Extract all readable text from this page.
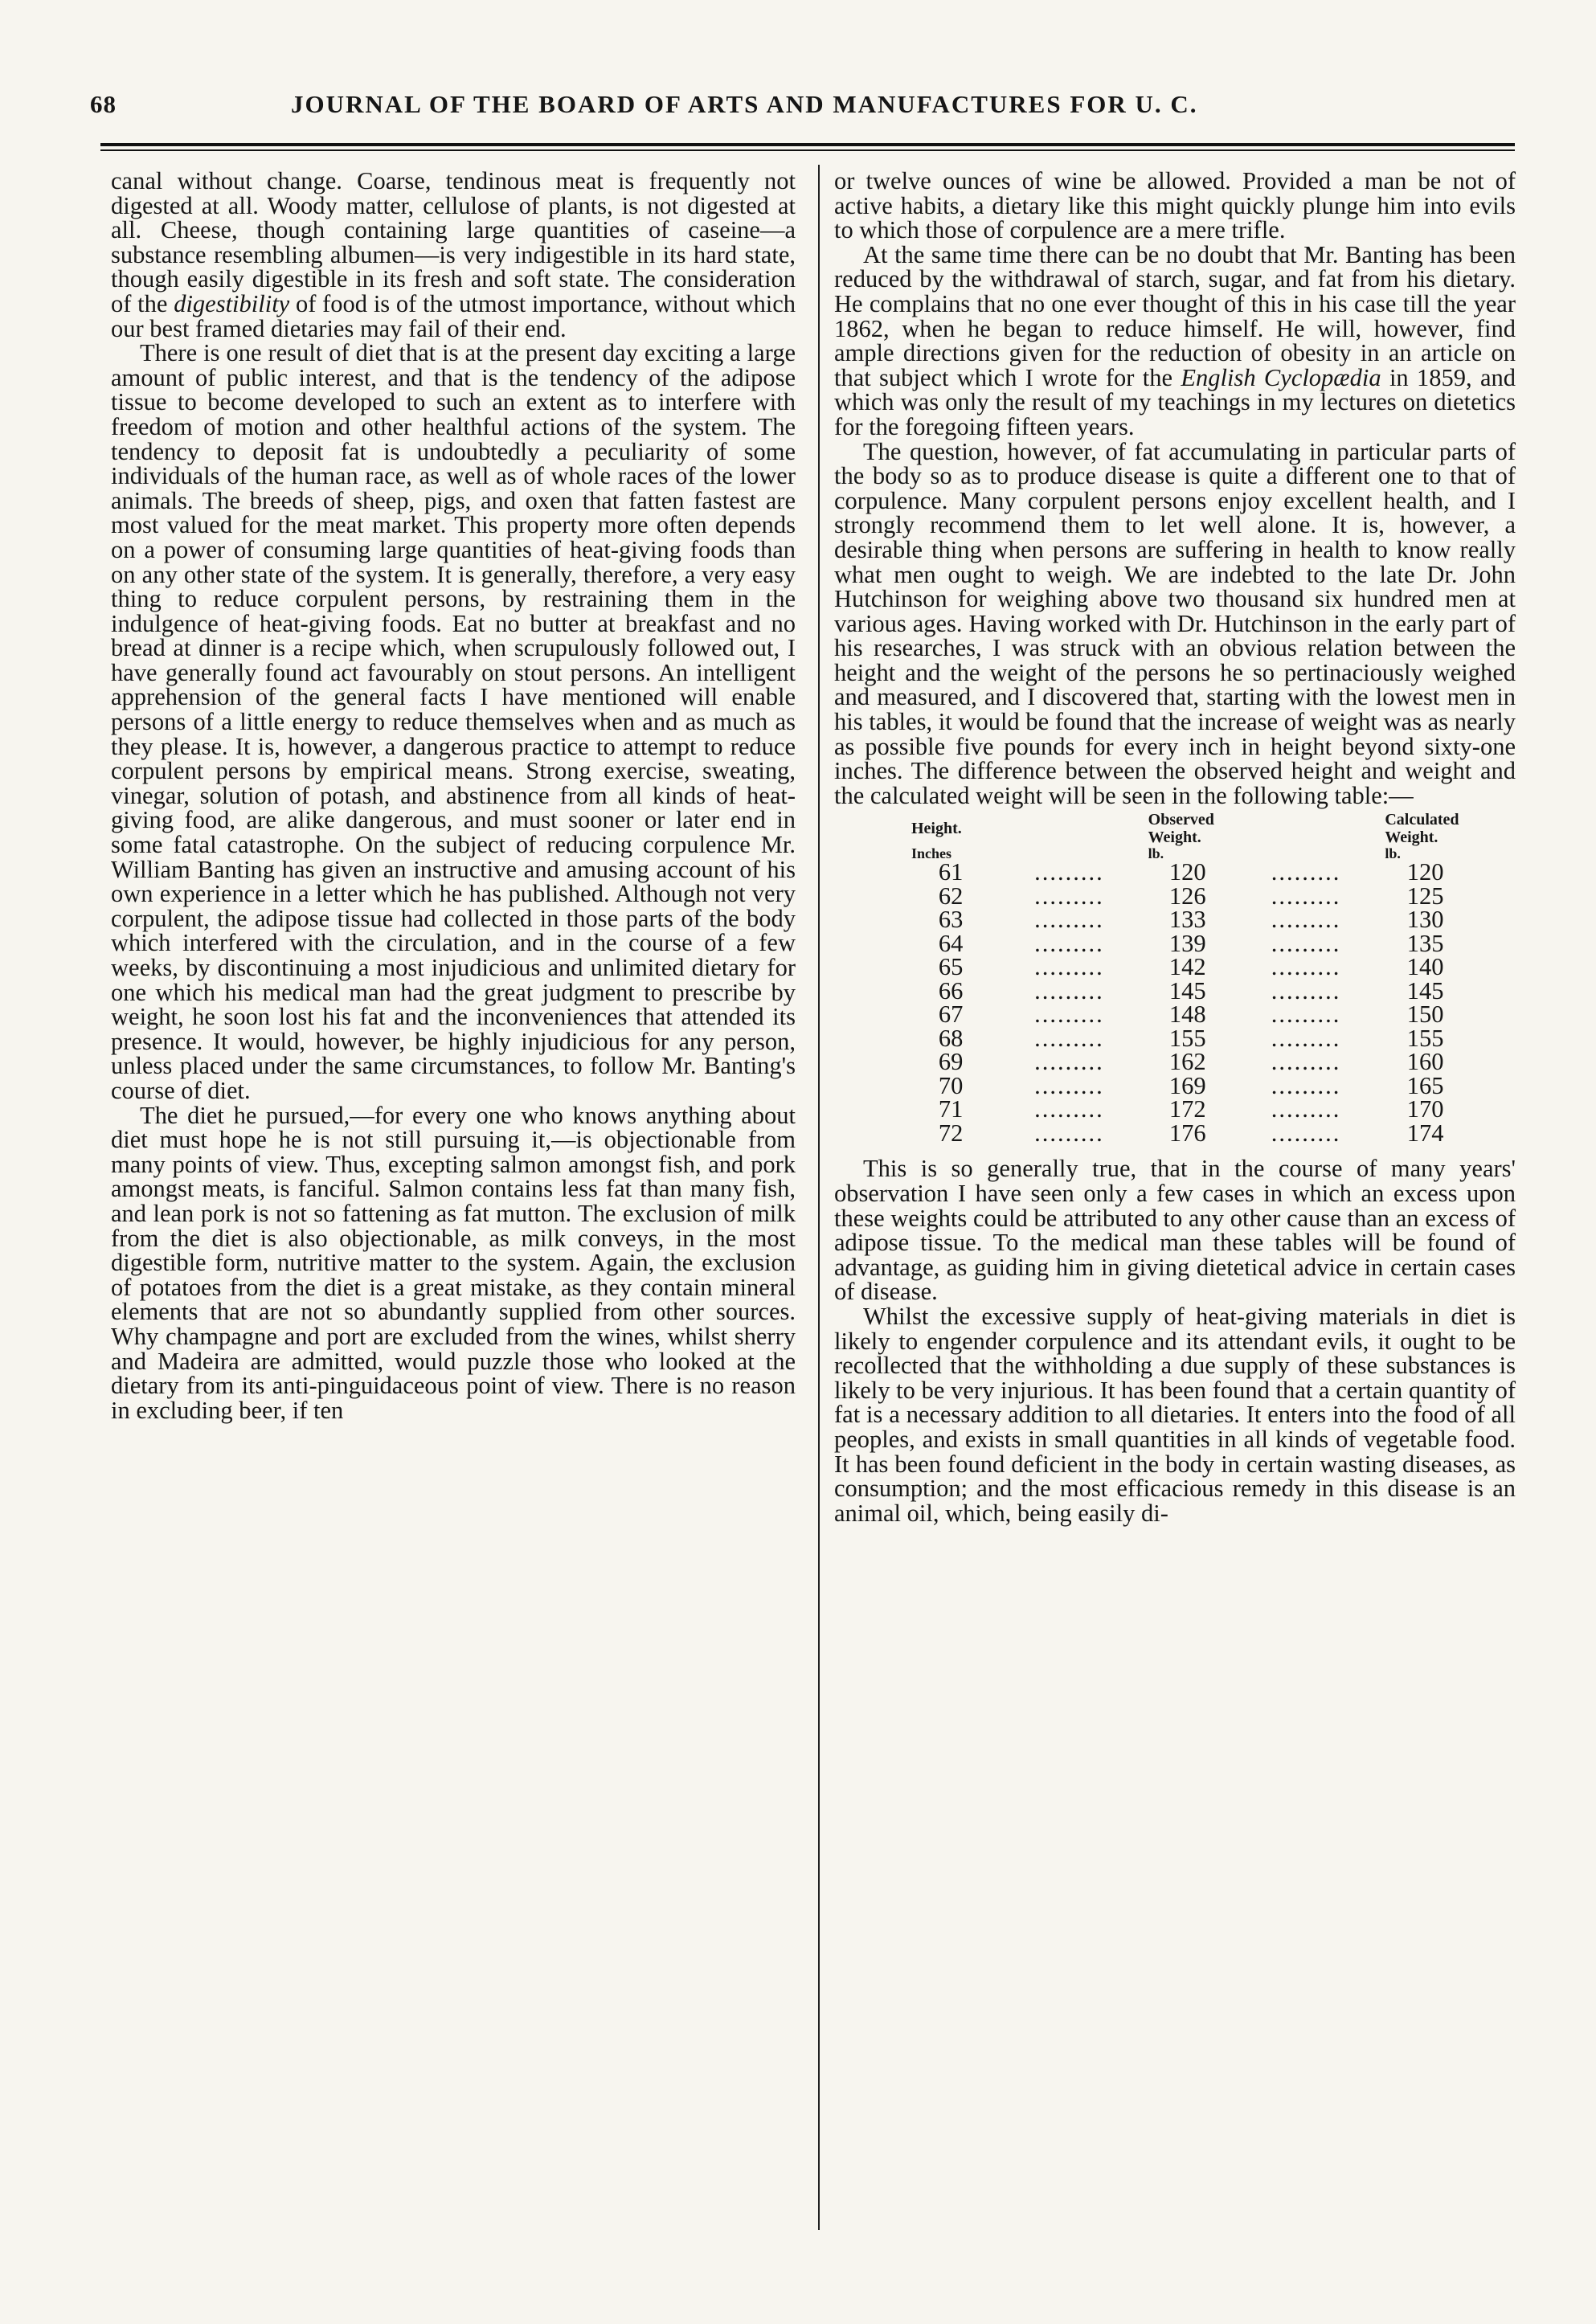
68	JOURNAL OF THE BOARD OF ARTS AND MANUFACTURES FOR U. C.

canal without change. Coarse, tendinous meat is frequently not digested at all. Woody matter, cellulose of plants, is not digested at all. Cheese, though containing large quantities of caseine—a substance resembling albumen—is very indigestible in its hard state, though easily digestible in its fresh and soft state. The consideration of the digestibility of food is of the utmost importance, without which our best framed dietaries may fail of their end.

There is one result of diet that is at the present day exciting a large amount of public interest, and that is the tendency of the adipose tissue to become developed to such an extent as to interfere with freedom of motion and other healthful actions of the system. The tendency to deposit fat is undoubtedly a peculiarity of some individuals of the human race, as well as of whole races of the lower animals. The breeds of sheep, pigs, and oxen that fatten fastest are most valued for the meat market. This property more often depends on a power of consuming large quantities of heat-giving foods than on any other state of the system. It is generally, therefore, a very easy thing to reduce corpulent persons, by restraining them in the indulgence of heat-giving foods. Eat no butter at breakfast and no bread at dinner is a recipe which, when scrupulously followed out, I have generally found act favourably on stout persons. An intelligent apprehension of the general facts I have mentioned will enable persons of a little energy to reduce themselves when and as much as they please. It is, however, a dangerous practice to attempt to reduce corpulent persons by empirical means. Strong exercise, sweating, vinegar, solution of potash, and abstinence from all kinds of heat-giving food, are alike dangerous, and must sooner or later end in some fatal catastrophe. On the subject of reducing corpulence Mr. William Banting has given an instructive and amusing account of his own experience in a letter which he has published. Although not very corpulent, the adipose tissue had collected in those parts of the body which interfered with the circulation, and in the course of a few weeks, by discontinuing a most injudicious and unlimited dietary for one which his medical man had the great judgment to prescribe by weight, he soon lost his fat and the inconveniences that attended its presence. It would, however, be highly injudicious for any person, unless placed under the same circumstances, to follow Mr. Banting's course of diet.

The diet he pursued,—for every one who knows anything about diet must hope he is not still pursuing it,—is objectionable from many points of view. Thus, excepting salmon amongst fish, and pork amongst meats, is fanciful. Salmon contains less fat than many fish, and lean pork is not so fattening as fat mutton. The exclusion of milk from the diet is also objectionable, as milk conveys, in the most digestible form, nutritive matter to the system. Again, the exclusion of potatoes from the diet is a great mistake, as they contain mineral elements that are not so abundantly supplied from other sources. Why champagne and port are excluded from the wines, whilst sherry and Madeira are admitted, would puzzle those who looked at the dietary from its anti-pinguidaceous point of view. There is no reason in excluding beer, if ten

or twelve ounces of wine be allowed. Provided a man be not of active habits, a dietary like this might quickly plunge him into evils to which those of corpulence are a mere trifle.

At the same time there can be no doubt that Mr. Banting has been reduced by the withdrawal of starch, sugar, and fat from his dietary. He complains that no one ever thought of this in his case till the year 1862, when he began to reduce himself. He will, however, find ample directions given for the reduction of obesity in an article on that subject which I wrote for the English Cyclopædia in 1859, and which was only the result of my teachings in my lectures on dietetics for the foregoing fifteen years.

The question, however, of fat accumulating in particular parts of the body so as to produce disease is quite a different one to that of corpulence. Many corpulent persons enjoy excellent health, and I strongly recommend them to let well alone. It is, however, a desirable thing when persons are suffering in health to know really what men ought to weigh. We are indebted to the late Dr. John Hutchinson for weighing above two thousand six hundred men at various ages. Having worked with Dr. Hutchinson in the early part of his researches, I was struck with an obvious relation between the height and the weight of the persons he so pertinaciously weighed and measured, and I discovered that, starting with the lowest men in his tables, it would be found that the increase of weight was as nearly as possible five pounds for every inch in height beyond sixty-one inches. The difference between the observed height and weight and the calculated weight will be seen in the following table:—

Height.		Observed Weight.		Calculated Weight.
Inches		lb.		lb.
61	.........	120	.........	120
62	.........	126	.........	125
63	.........	133	.........	130
64	.........	139	.........	135
65	.........	142	.........	140
66	.........	145	.........	145
67	.........	148	.........	150
68	.........	155	.........	155
69	.........	162	.........	160
70	.........	169	.........	165
71	.........	172	.........	170
72	.........	176	.........	174

This is so generally true, that in the course of many years' observation I have seen only a few cases in which an excess upon these weights could be attributed to any other cause than an excess of adipose tissue. To the medical man these tables will be found of advantage, as guiding him in giving dietetical advice in certain cases of disease.

Whilst the excessive supply of heat-giving materials in diet is likely to engender corpulence and its attendant evils, it ought to be recollected that the withholding a due supply of these substances is likely to be very injurious. It has been found that a certain quantity of fat is a necessary addition to all dietaries. It enters into the food of all peoples, and exists in small quantities in all kinds of vegetable food. It has been found deficient in the body in certain wasting diseases, as consumption; and the most efficacious remedy in this disease is an animal oil, which, being easily di-
